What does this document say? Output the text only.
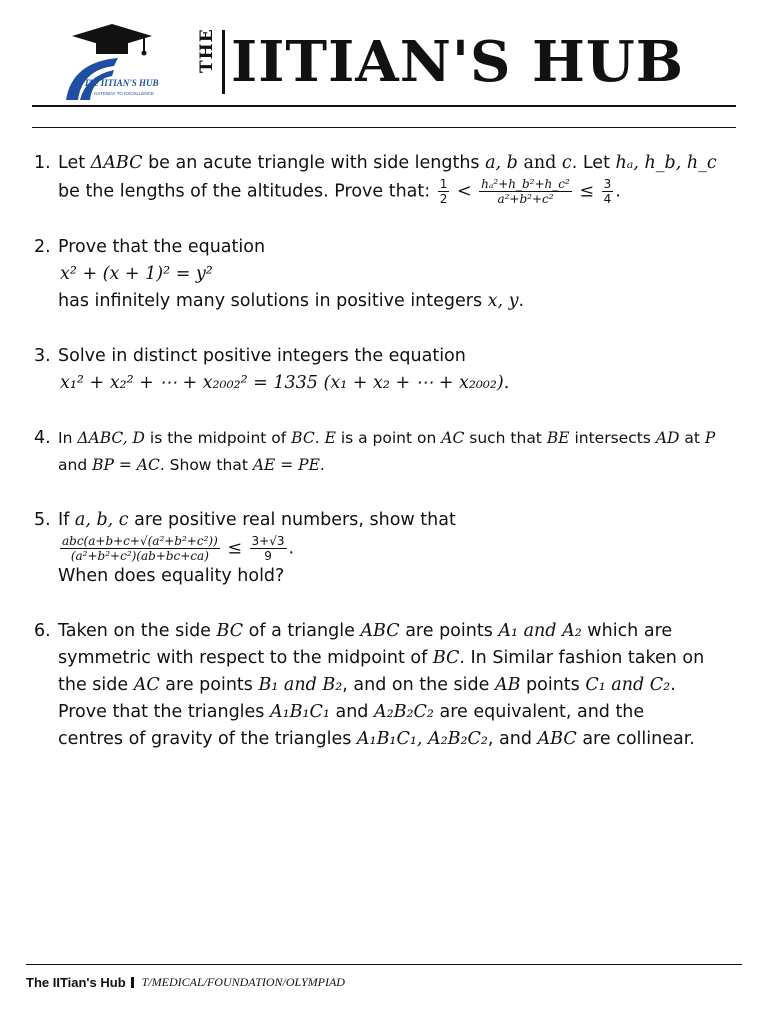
The IITIAN'S HUB
GATEWAY TO EXCELLENCE
THE IITIAN'S HUB
1. Let ΔABC be an acute triangle with side lengths a, b and c. Let hₐ, h_b, h_c
be the lengths of the altitudes. Prove that: $\frac{1}{2} < \frac{\text{hₐ²+h\_b²+h\_c²}}{\text{a²+b²+c²}} \le \frac{3}{4}$ .
2. Prove that the equation
x² + (x + 1)² = y²
has infinitely many solutions in positive integers x, y.
3. Solve in distinct positive integers the equation
x₁² + x₂² + ⋯ + x₂₀₀₂² = 1335 (x₁ + x₂ + ⋯ + x₂₀₀₂).
4. In ΔABC, D is the midpoint of BC. E is a point on AC such that BE intersects AD at P
and BP = AC. Show that AE = PE.
5. If a, b, c are positive real numbers, show that
$\frac{\text{abc(a+b+c+√(a²+b²+c²))}}{\text{(a²+b²+c²)(ab+bc+ca)}} \le \frac{3+√3}{9}$ .
When does equality hold?
6. Taken on the side BC of a triangle ABC are points A₁ and A₂ which are
symmetric with respect to the midpoint of BC. In Similar fashion taken on
the side AC are points B₁ and B₂, and on the side AB points C₁ and C₂.
Prove that the triangles A₁B₁C₁ and A₂B₂C₂ are equivalent, and the
centres of gravity of the triangles A₁B₁C₁, A₂B₂C₂, and ABC are collinear.
The IITian's Hub T/MEDICAL/FOUNDATION/OLYMPIAD
